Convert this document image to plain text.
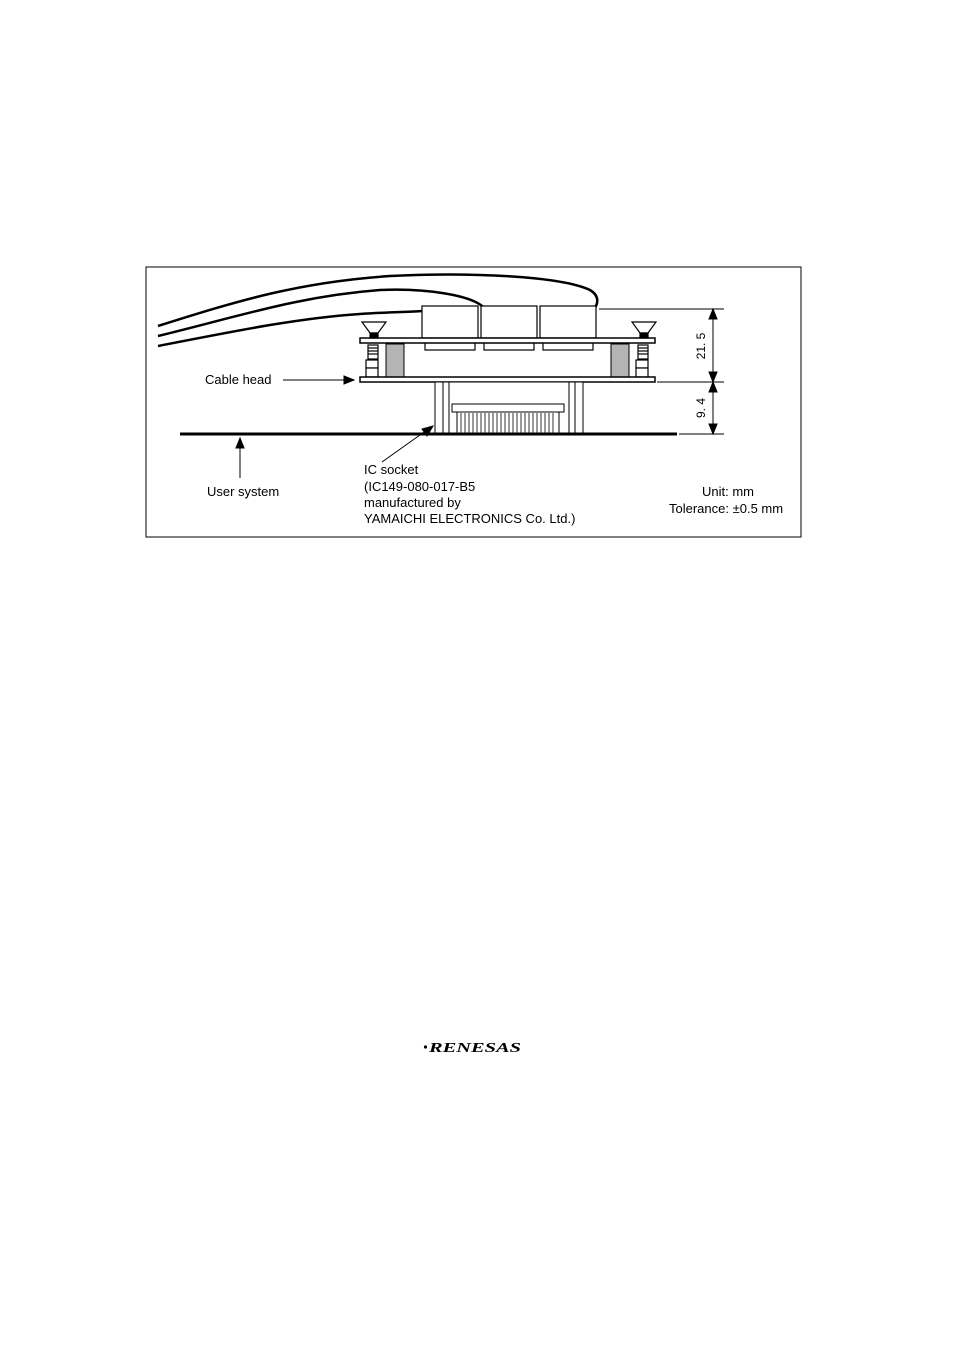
21. 5
9. 4
Cable head
User system
IC socket
(IC149-080-017-B5
manufactured by
YAMAICHI ELECTRONICS Co. Ltd.)
Unit: mm
Tolerance: ±0.5 mm
RENESAS
